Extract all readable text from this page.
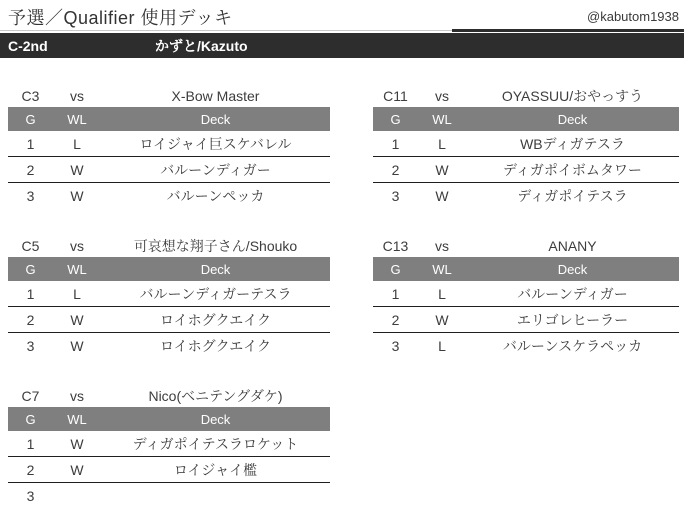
予選／Qualifier 使用デッキ	@kabutom1938
C-2nd	かずと/Kazuto
C3	vs	X-Bow Master
G	WL	Deck
1	L	ロイジャイ巨スケバレル
2	W	バルーンディガー
3	W	バルーンペッカ
C5	vs	可哀想な翔子さん/Shouko
G	WL	Deck
1	L	バルーンディガーテスラ
2	W	ロイホグクエイク
3	W	ロイホグクエイク
C7	vs	Nico(ベニテングダケ)
G	WL	Deck
1	W	ディガポイテスラロケット
2	W	ロイジャイ檻
3
C11	vs	OYASSUU/おやっすう
G	WL	Deck
1	L	WBディガテスラ
2	W	ディガポイボムタワー
3	W	ディガポイテスラ
C13	vs	ANANY
G	WL	Deck
1	L	バルーンディガー
2	W	エリゴレヒーラー
3	L	バルーンスケラペッカ
